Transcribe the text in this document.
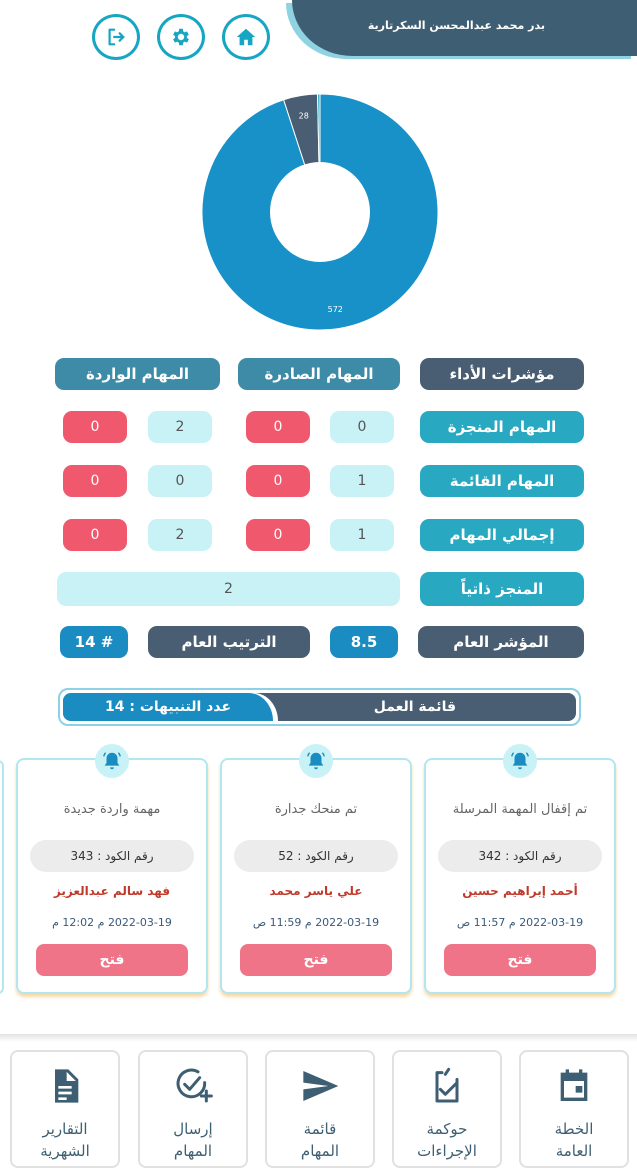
بدر محمد عبدالمحسن السكرتارية
572
28
مؤشرات الأداء
المهام الصادرة
المهام الواردة
المهام المنجزة
0
0
2
0
المهام القائمة
1
0
0
0
إجمالي المهام
1
0
2
0
المنجز ذاتياً
2
المؤشر العام
8.5
الترتيب العام
# 14
قائمة العمل
عدد التنبيهات : 14
تم إقفال المهمة المرسلة
رقم الكود : 342
أحمد إبراهيم حسين
2022-03-19 م 11:57 ص
فتح
تم منحك جدارة
رقم الكود : 52
علي ياسر محمد
2022-03-19 م 11:59 ص
فتح
مهمة واردة جديدة
رقم الكود : 343
فهد سالم عبدالعزيز
2022-03-19 م 12:02 م
فتح
الخطة
العامة
حوكمة
الإجراءات
قائمة
المهام
إرسال
المهام
التقارير
الشهرية
